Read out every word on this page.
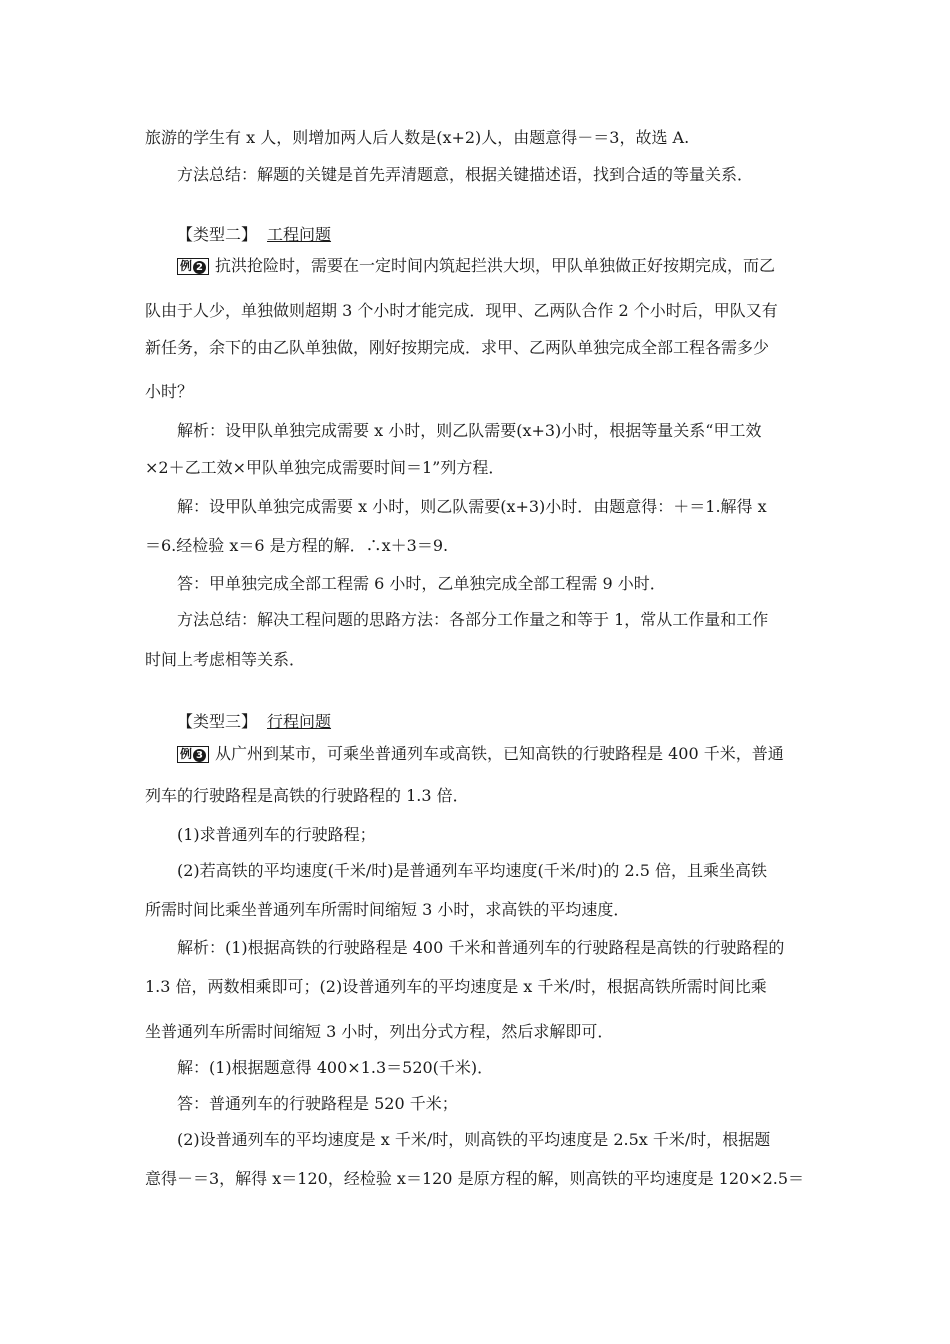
旅游的学生有 x 人，则增加两人后人数是(x+2)人，由题意得－＝3，故选 A.
方法总结：解题的关键是首先弄清题意，根据关键描述语，找到合适的等量关系．
【类型二】 工程问题
例 2 抗洪抢险时，需要在一定时间内筑起拦洪大坝，甲队单独做正好按期完成，而乙
队由于人少，单独做则超期 3 个小时才能完成．现甲、乙两队合作 2 个小时后，甲队又有
新任务，余下的由乙队单独做，刚好按期完成．求甲、乙两队单独完成全部工程各需多少
小时？
解析：设甲队单独完成需要 x 小时，则乙队需要(x+3)小时，根据等量关系“甲工效
×2＋乙工效×甲队单独完成需要时间＝1”列方程．
解：设甲队单独完成需要 x 小时，则乙队需要(x+3)小时．由题意得：＋＝1.解得 x
＝6.经检验 x＝6 是方程的解．∴x＋3＝9.
答：甲单独完成全部工程需 6 小时，乙单独完成全部工程需 9 小时．
方法总结：解决工程问题的思路方法：各部分工作量之和等于 1，常从工作量和工作
时间上考虑相等关系．
【类型三】 行程问题
例 3 从广州到某市，可乘坐普通列车或高铁，已知高铁的行驶路程是 400 千米，普通
列车的行驶路程是高铁的行驶路程的 1.3 倍．
(1)求普通列车的行驶路程；
(2)若高铁的平均速度(千米/时)是普通列车平均速度(千米/时)的 2.5 倍，且乘坐高铁
所需时间比乘坐普通列车所需时间缩短 3 小时，求高铁的平均速度．
解析：(1)根据高铁的行驶路程是 400 千米和普通列车的行驶路程是高铁的行驶路程的
1.3 倍，两数相乘即可；(2)设普通列车的平均速度是 x 千米/时，根据高铁所需时间比乘
坐普通列车所需时间缩短 3 小时，列出分式方程，然后求解即可．
解：(1)根据题意得 400×1.3＝520(千米)．
答：普通列车的行驶路程是 520 千米；
(2)设普通列车的平均速度是 x 千米/时，则高铁的平均速度是 2.5x 千米/时，根据题
意得－＝3，解得 x＝120，经检验 x＝120 是原方程的解，则高铁的平均速度是 120×2.5＝
